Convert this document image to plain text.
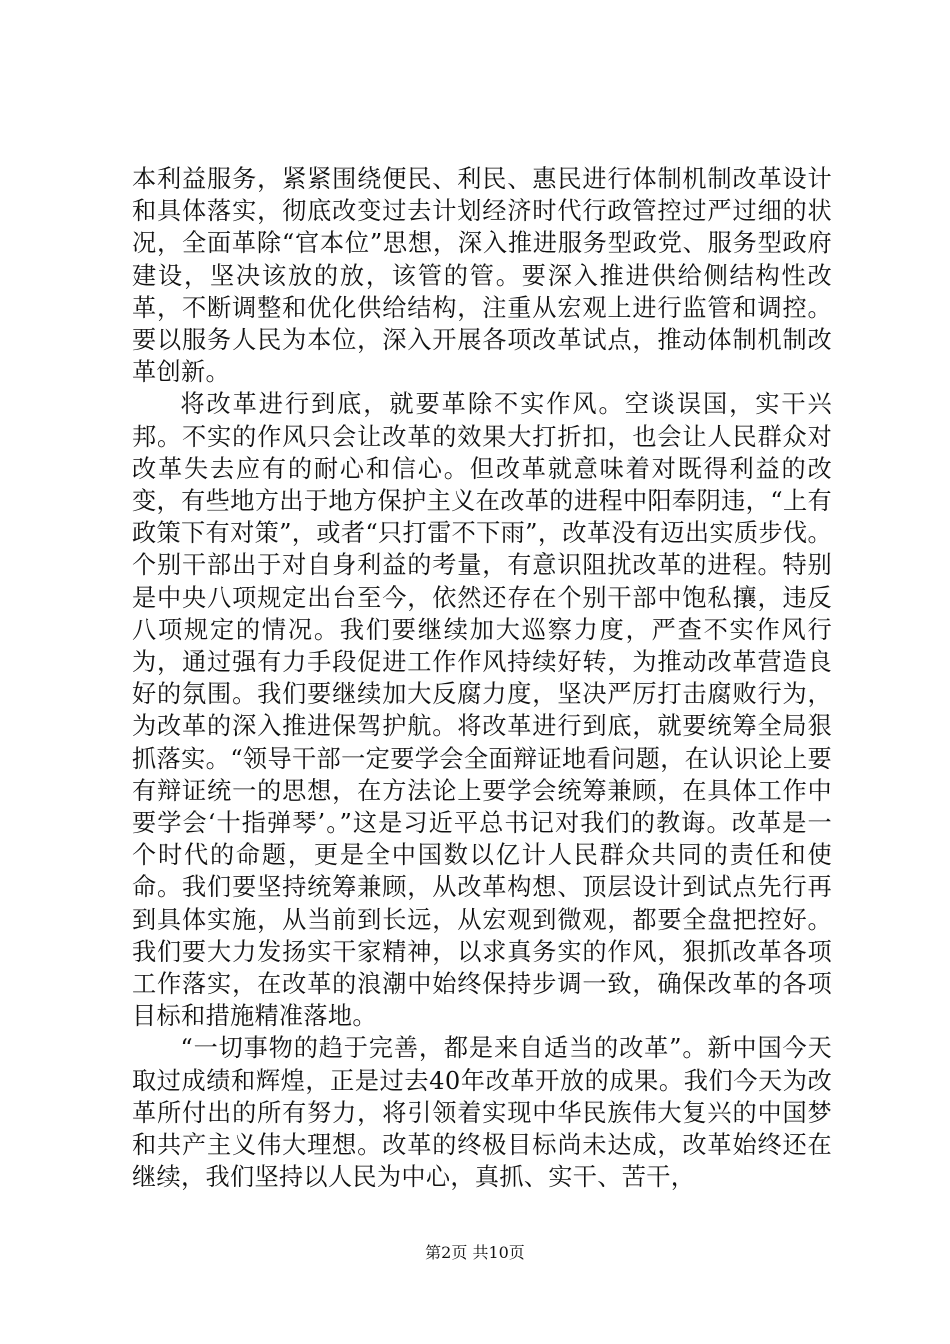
本利益服务，紧紧围绕便民、利民、惠民进行体制机制改革设计和具体落实，彻底改变过去计划经济时代行政管控过严过细的状况，全面革除“官本位”思想，深入推进服务型政党、服务型政府建设，坚决该放的放，该管的管。要深入推进供给侧结构性改革，不断调整和优化供给结构，注重从宏观上进行监管和调控。要以服务人民为本位，深入开展各项改革试点，推动体制机制改革创新。

将改革进行到底，就要革除不实作风。空谈误国，实干兴邦。不实的作风只会让改革的效果大打折扣，也会让人民群众对改革失去应有的耐心和信心。但改革就意味着对既得利益的改变，有些地方出于地方保护主义在改革的进程中阳奉阴违，“上有政策下有对策”，或者“只打雷不下雨”，改革没有迈出实质步伐。个别干部出于对自身利益的考量，有意识阻扰改革的进程。特别是中央八项规定出台至今，依然还存在个别干部中饱私攘，违反八项规定的情况。我们要继续加大巡察力度，严查不实作风行为，通过强有力手段促进工作作风持续好转，为推动改革营造良好的氛围。我们要继续加大反腐力度，坚决严厉打击腐败行为，为改革的深入推进保驾护航。将改革进行到底，就要统筹全局狠抓落实。“领导干部一定要学会全面辩证地看问题，在认识论上要有辩证统一的思想，在方法论上要学会统筹兼顾，在具体工作中要学会‘十指弹琴’。”这是习近平总书记对我们的教诲。改革是一个时代的命题，更是全中国数以亿计人民群众共同的责任和使命。我们要坚持统筹兼顾，从改革构想、顶层设计到试点先行再到具体实施，从当前到长远，从宏观到微观，都要全盘把控好。我们要大力发扬实干家精神，以求真务实的作风，狠抓改革各项工作落实，在改革的浪潮中始终保持步调一致，确保改革的各项目标和措施精准落地。

“一切事物的趋于完善，都是来自适当的改革”。新中国今天取过成绩和辉煌，正是过去40年改革开放的成果。我们今天为改革所付出的所有努力，将引领着实现中华民族伟大复兴的中国梦和共产主义伟大理想。改革的终极目标尚未达成，改革始终还在继续，我们坚持以人民为中心，真抓、实干、苦干，

第2页 共10页
